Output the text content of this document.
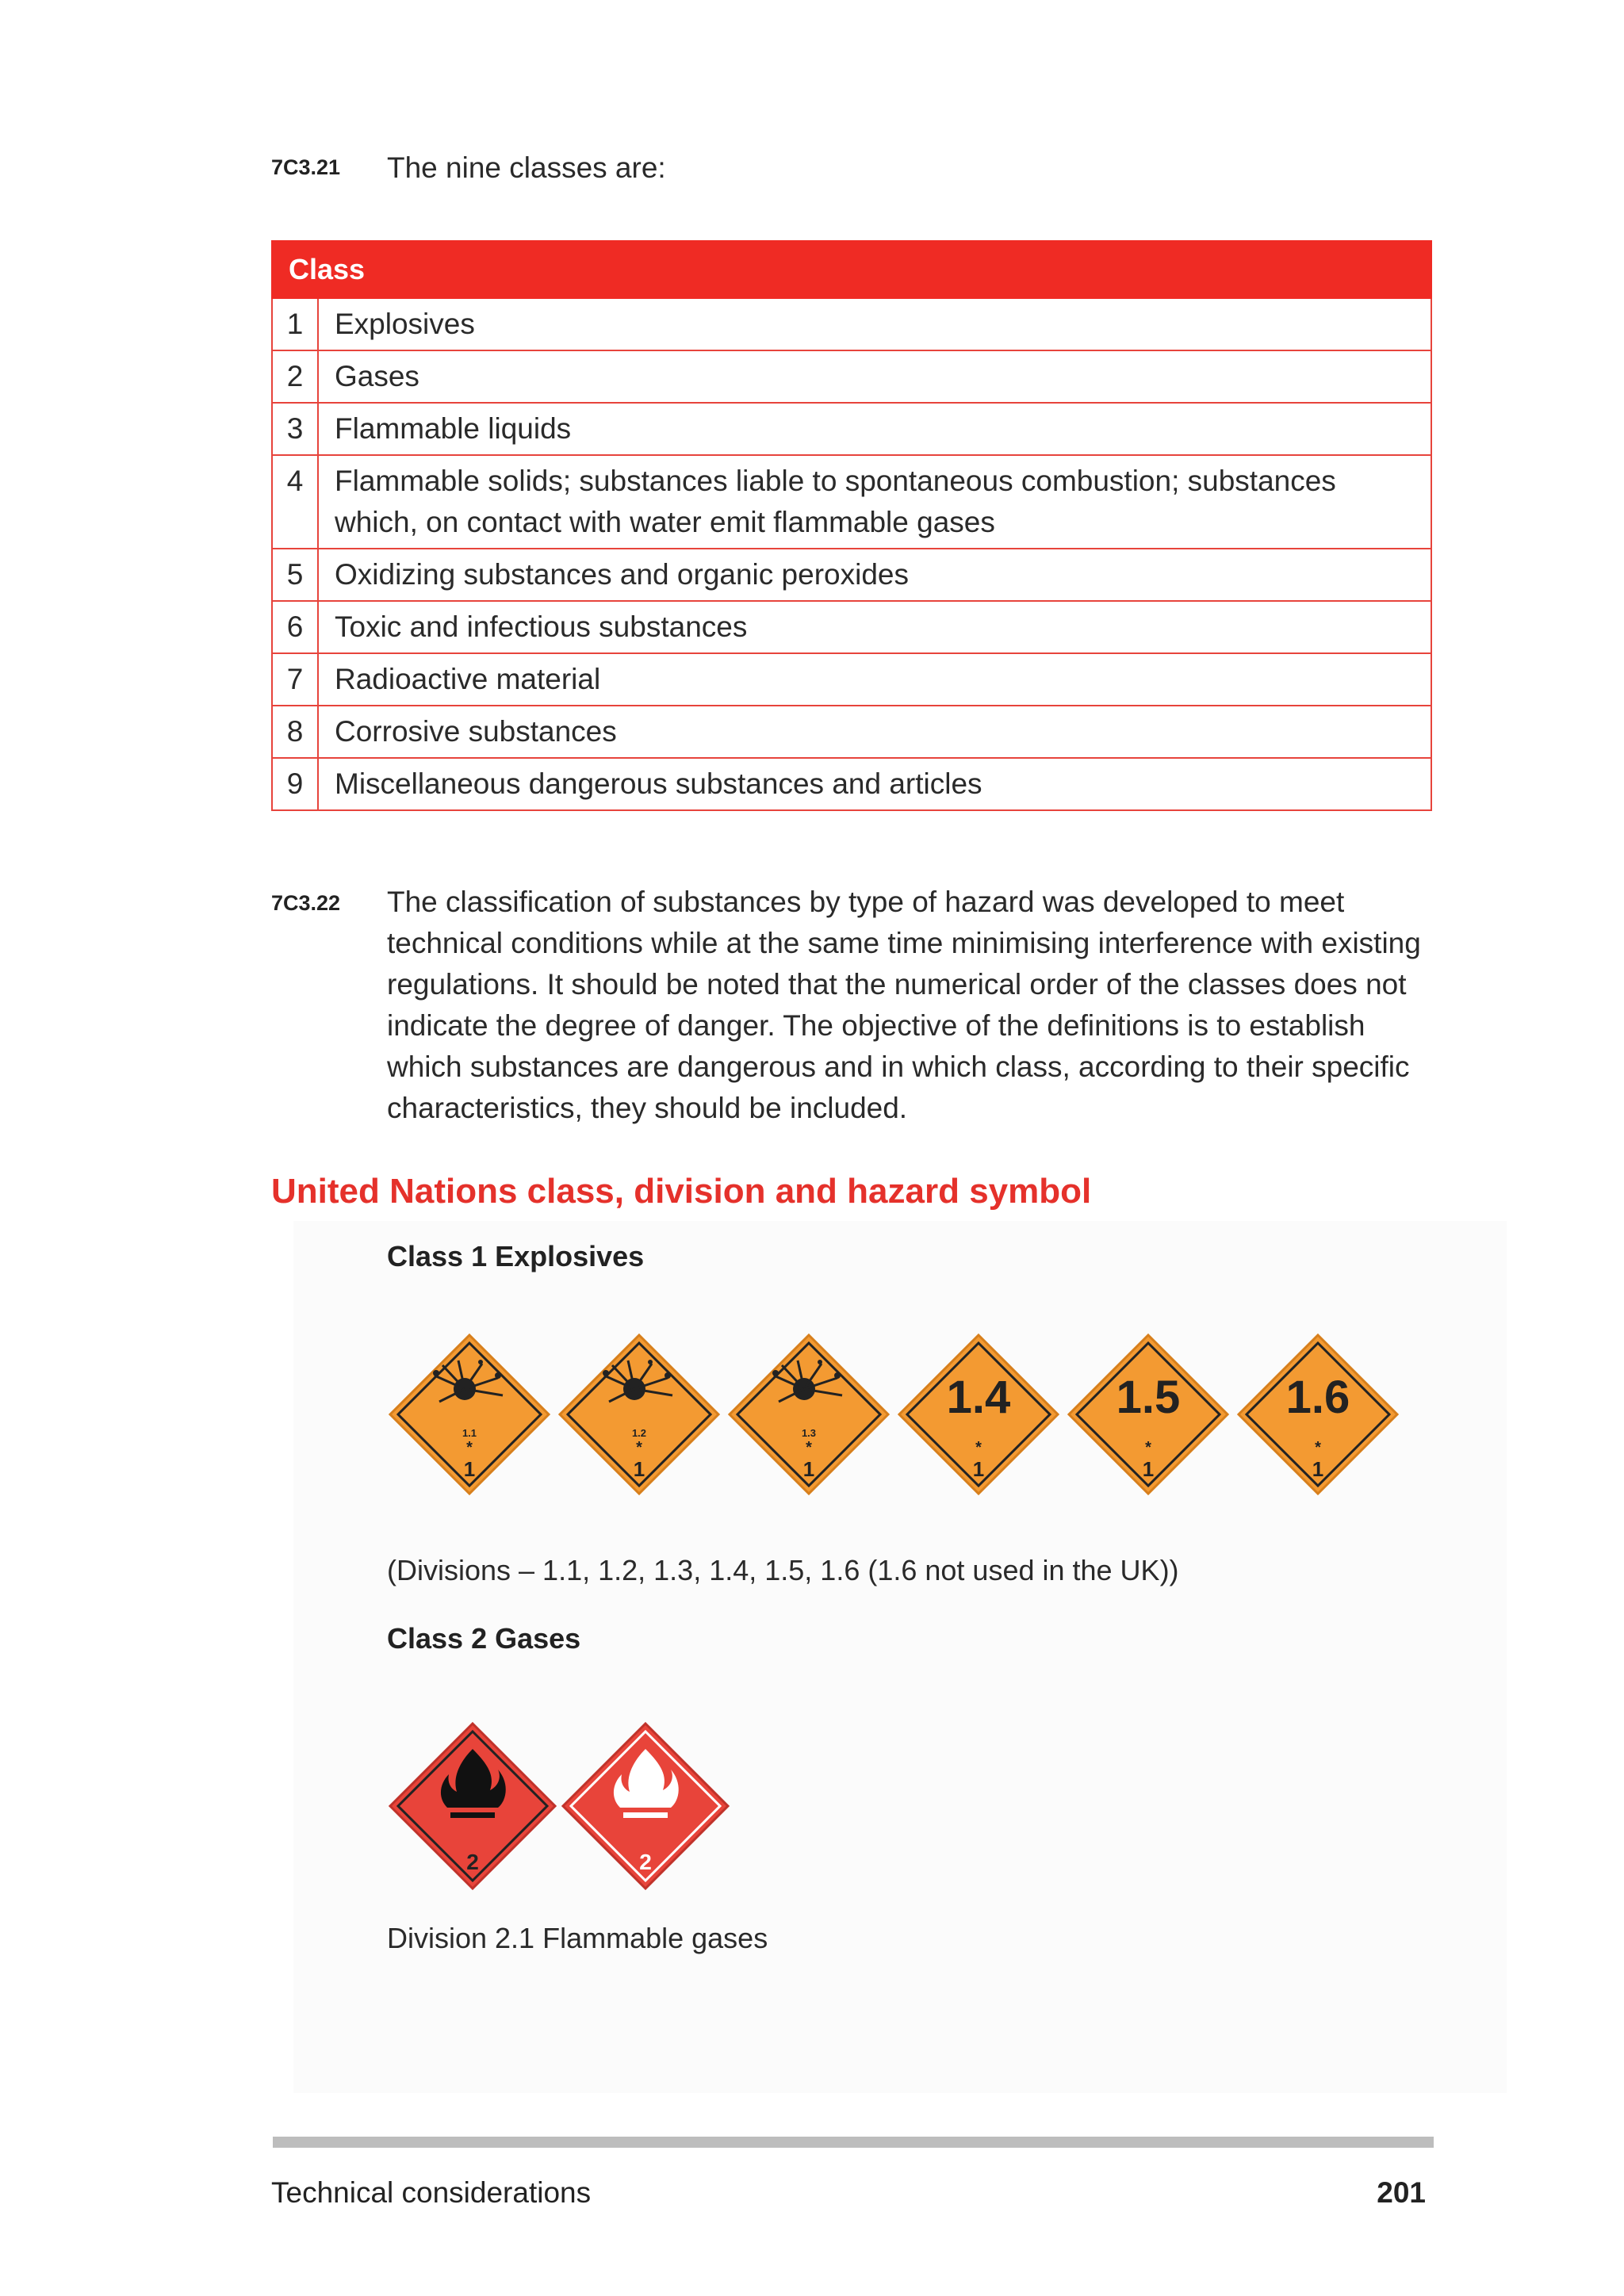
7C3.21 The nine classes are:
Class	
1	Explosives
2	Gases
3	Flammable liquids
4	Flammable solids; substances liable to spontaneous combustion; substances which, on contact with water emit flammable gases
5	Oxidizing substances and organic peroxides
6	Toxic and infectious substances
7	Radioactive material
8	Corrosive substances
9	Miscellaneous dangerous substances and articles
7C3.22 The classification of substances by type of hazard was developed to meet
technical conditions while at the same time minimising interference with existing
regulations. It should be noted that the numerical order of the classes does not
indicate the degree of danger. The objective of the definitions is to establish
which substances are dangerous and in which class, according to their specific
characteristics, they should be included.
United Nations class, division and hazard symbol
Class 1 Explosives
1.1
*
1
1.2
*
1
1.3
*
1
1.4
*
1
1.5
*
1
1.6
*
1
(Divisions – 1.1, 1.2, 1.3, 1.4, 1.5, 1.6 (1.6 not used in the UK))
Class 2 Gases
2	2
Division 2.1 Flammable gases
Technical considerations	201
